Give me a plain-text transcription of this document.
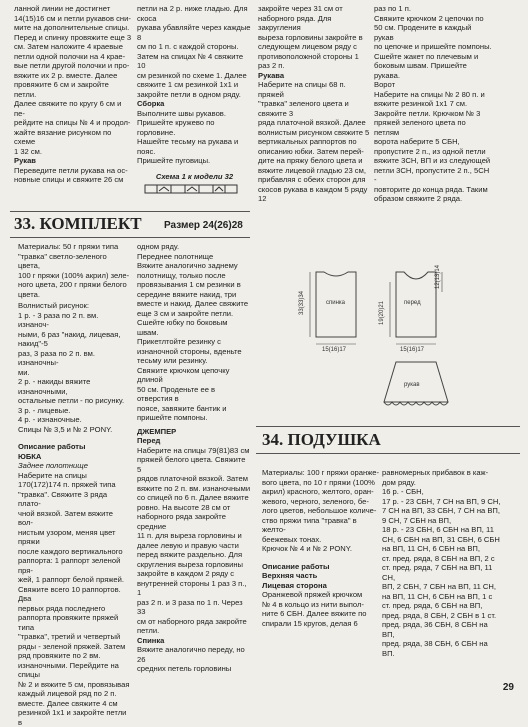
ланной линии не достигнет
14(15)16 см и петли рукавов сни-
мите на дополнительные спицы.
Перед и спинку провяжите еще 3
см. Затем наложите 4 краевые
петли одной полочки на 4 крае-
вые петли другой полочки и про-
вяжите их 2 р. вместе. Далее
провяжите 6 см и закройте петли.
Далее свяжите по кругу 6 см и пе-
рейдите на спицы № 4 и продол-
жайте вязание рисунком по схеме
1 32 см.

Рукав

Переведите петли рукава на ос-
новные спицы и свяжите 26 см

петли на 2 р. ниже гладью. Для скоса
рукава убавляйте через каждые 8
см по 1 п. с каждой стороны.
Затем на спицах № 4 свяжите 10
см резинкой по схеме 1. Далее
свяжите 1 см резинкой 1х1 и
закройте петли в одном ряду.

Сборка

Выполните швы рукавов.
Пришейте кружево по горловине.
Нашейте тесьму на рукава и пояс.
Пришейте пуговицы.

Схема 1 к модели 32

закройте через 31 см от
наборного ряда. Для закругления
выреза горловины закройте в
следующем лицевом ряду с
противоположной стороны 1 раз 2 п.

Рукава

Наберите на спицы 68 п. пряжей
"травка" зеленого цвета и свяжите 3
ряда платочной вязкой. Далее
волнистым рисунком свяжите 5
вертикальных раппортов по
описанию юбки. Затем перей-
дите на пряжу белого цвета и
вяжите лицевой гладью 23 см,
прибавляя с обеих сторон для
скосов рукава в каждом 5 ряду 12

раз по 1 п.
Свяжите крючком 2 цепочки по
50 см. Продените в каждый рукав
по цепочке и пришейте помпоны.
Сшейте жакет по плечевым и
боковым швам. Пришейте рукава.
Ворот
Наберите на спицы № 2 80 п. и
вяжите резинкой 1х1 7 см.
Закройте петли. Крючком № 3
пряжей зеленого цвета по петлям
ворота наберите 5 СБН,
пропустите 2 п., из одной петли
вяжите 3СН, ВП и из следующей
петли 3СН, пропустите 2 п., 5СН -
повторите до конца ряда. Таким
образом свяжите 2 ряда.

33. КОМПЛЕКТ Размер 24(26)28

Материалы: 50 г пряжи типа
"травка" светло-зеленого цвета,
100 г пряжи (100% акрил) зеле-
ного цвета, 200 г пряжи белого
цвета.

Волнистый рисунок:
1 р. - 3 раза по 2 п. вм. изнаноч-
ными, 6 раз "накид, лицевая, накид"-5
раз, 3 раза по 2 п. вм. изнаночны-
ми.
2 р. - накиды вяжите изнаночными,
остальные петли - по рисунку.
3 р. - лицевые.
4 р. - изнаночные.
Спицы № 3,5 и № 2 PONY.

Описание работы

ЮБКА

Заднее полотнище

Наберите на спицы
170(172)174 п. пряжей типа
"травка". Свяжите 3 ряда плато-
чной вязкой. Затем вяжите вол-
нистым узором, меняя цвет пряжи
после каждого вертикального
раппорта: 1 раппорт зеленой пря-
жей, 1 раппорт белой пряжей.
Свяжите всего 10 раппортов. Два
первых ряда последнего
раппорта провяжите пряжей типа
"травка", третий и четвертый
ряды - зеленой пряжей. Затем
ряд провяжите по 2 вм.
изнаночными. Перейдите на спицы
№ 2 и вяжите 5 см, провязывая
каждый лицевой ряд по 2 п.
вместе. Далее свяжите 4 см
резинкой 1х1 и закройте петли в

одном ряду.
Переднее полотнище
Вяжите аналогично заднему
полотнищу, только после
провязывания 1 см резинки в
середине вяжите накид, три
вместе и накид. Далее свяжите
еще 3 см и закройте петли.
Сшейте юбку по боковым швам.
Прикетлтойте резинку с
изнаночной стороны, вденьте
тесьму или резинку.
Свяжите крючком цепочку длиной
50 см. Проденьте ее в отверстия в
поясе, завяжите бантик и
пришейте помпоны.

ДЖЕМПЕР

Перед

Наберите на спицы 79(81)83 см
пряжей белого цвета. Свяжите 5
рядов платочной вязкой. Затем
вяжите по 2 п. вм. изнаночными
со спицей по 6 п. Далее вяжите
ровно. На высоте 28 см от
наборного ряда закройте средние
11 п. для выреза горловины и
далее левую и правую части
перед вяжите раздельно. Для
скругления выреза горловины
закройте в каждом 2 ряду с
внутренней стороны 1 раз 3 п., 1
раз 2 п. и 3 раза по 1 п. Через 33
см от наборного ряда закройте
петли.

Спинка

Вяжите аналогично переду, но 26
средних петель горловины

спинка	перед
рукав
15(16)17	15(16)17
33(33)34	19(20)21
12(13)14
34. ПОДУШКА

Материалы: 100 г пряжи оранже-
вого цвета, по 10 г пряжи (100%
акрил) красного, желтого, оран-
жевого, черного, зеленого, бе-
лого цветов, небольшое количе-
ство пряжи типа "травка" в желто-
беежевых тонах.
Крючок № 4 и № 2 PONY.

Описание работы

Верхняя часть

Лицевая сторона

Оранжевой пряжей крючком
№ 4 в кольцо из нити выпол-
ните 6 СБН. Далее вяжите по
спирали 15 кругов, делая 6

равномерных прибавок в каж-
дом ряду.
16 р. - СБН,
17 р. - 23 СБН, 7 СН на ВП, 9 СН,
7 СН на ВП, 33 СБН, 7 СН на ВП,
9 СН, 7 СБН на ВП,
18 р. - 23 СБН, 6 СБН на ВП, 11
СН, 6 СБН на ВП, 31 СБН, 6 СБН
на ВП, 11 СН, 6 СБН на ВП,
ст. пред. ряда, 8 СБН на ВП, 2 с
ст. пред. ряда, 7 СБН на ВП, 11 СН,
ВП, 2 СБН, 7 СБН на ВП, 11 СН,
на ВП, 11 СН, 6 СБН на ВП, 1 с
ст. пред. ряда, 6 СБН на ВП,
пред. ряда, 8 СБН, 2 СБН в 1 ст.
пред. ряда, 36 СБН, 8 СБН на ВП,
пред. ряда, 38 СБН, 6 СБН на ВП.

29
